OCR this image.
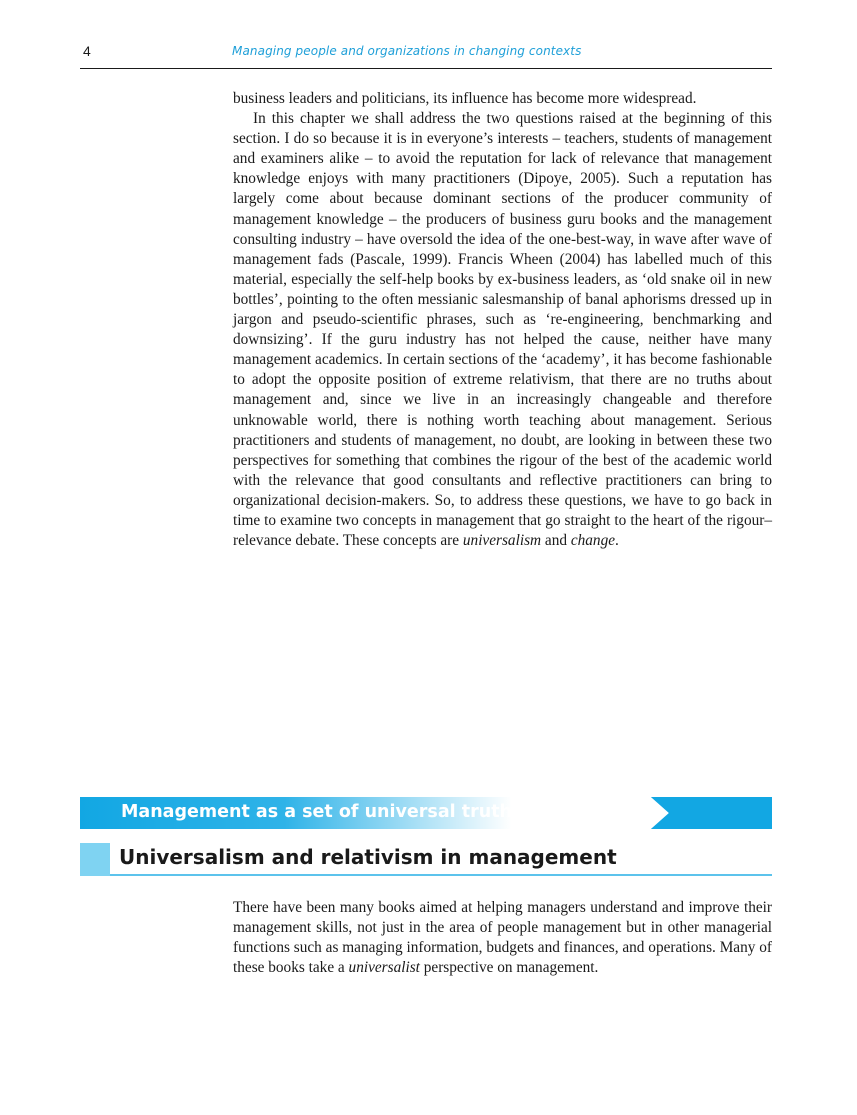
4	Managing people and organizations in changing contexts

business leaders and politicians, its influence has become more widespread.

In this chapter we shall address the two questions raised at the beginning of this section. I do so because it is in everyone’s interests – teachers, students of management and examiners alike – to avoid the reputation for lack of relevance that management knowledge enjoys with many practitioners (Dipoye, 2005). Such a reputation has largely come about because dominant sections of the producer community of management knowledge – the producers of business guru books and the management consulting industry – have oversold the idea of the one-best-way, in wave after wave of management fads (Pascale, 1999). Francis Wheen (2004) has labelled much of this material, especially the self-help books by ex-business leaders, as ‘old snake oil in new bottles’, pointing to the often messianic salesmanship of banal aphorisms dressed up in jargon and pseudo-scientific phrases, such as ‘re-engineering, benchmarking and downsizing’. If the guru industry has not helped the cause, neither have many management academics. In certain sections of the ‘academy’, it has become fashionable to adopt the opposite position of extreme relativism, that there are no truths about management and, since we live in an increasingly changeable and therefore unknowable world, there is nothing worth teaching about management. Serious practitioners and students of management, no doubt, are looking in between these two perspectives for something that combines the rigour of the best of the academic world with the relevance that good consultants and reflective practitioners can bring to organizational decision-makers. So, to address these questions, we have to go back in time to examine two concepts in management that go straight to the heart of the rigour–relevance debate. These concepts are universalism and change.

Management as a set of universal truths
Universalism and relativism in management

There have been many books aimed at helping managers understand and improve their management skills, not just in the area of people management but in other managerial functions such as managing information, budgets and finances, and operations. Many of these books take a universalist perspective on management.
